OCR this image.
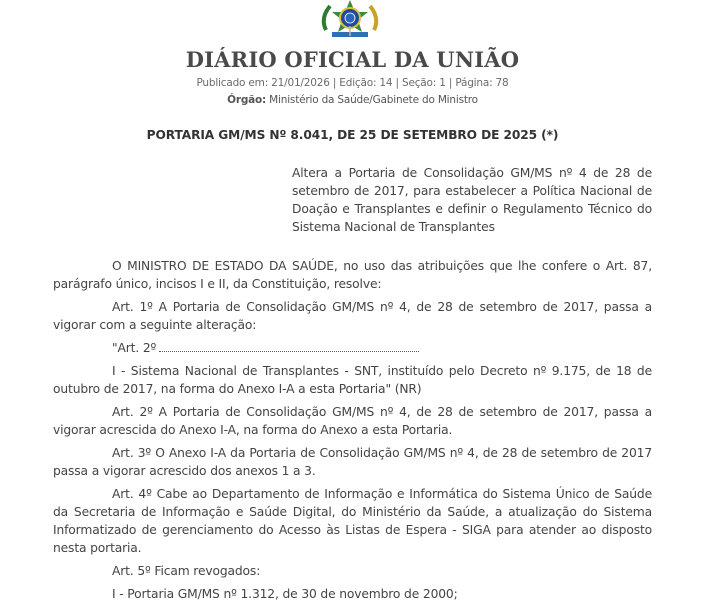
DIÁRIO OFICIAL DA UNIÃO
Publicado em: 21/01/2026 | Edição: 14 | Seção: 1 | Página: 78
Órgão: Ministério da Saúde/Gabinete do Ministro
PORTARIA GM/MS Nº 8.041, DE 25 DE SETEMBRO DE 2025 (*)
Altera a Portaria de Consolidação GM/MS nº 4 de 28 de setembro de 2017, para estabelecer a Política Nacional de Doação e Transplantes e definir o Regulamento Técnico do Sistema Nacional de Transplantes

O MINISTRO DE ESTADO DA SAÚDE, no uso das atribuições que lhe confere o Art. 87, parágrafo único, incisos I e II, da Constituição, resolve:

Art. 1º A Portaria de Consolidação GM/MS nº 4, de 28 de setembro de 2017, passa a vigorar com a seguinte alteração:

"Art. 2º

I - Sistema Nacional de Transplantes - SNT, instituído pelo Decreto nº 9.175, de 18 de outubro de 2017, na forma do Anexo I-A a esta Portaria" (NR)

Art. 2º A Portaria de Consolidação GM/MS nº 4, de 28 de setembro de 2017, passa a vigorar acrescida do Anexo I-A, na forma do Anexo a esta Portaria.

Art. 3º O Anexo I-A da Portaria de Consolidação GM/MS nº 4, de 28 de setembro de 2017 passa a vigorar acrescido dos anexos 1 a 3.

Art. 4º Cabe ao Departamento de Informação e Informática do Sistema Único de Saúde da Secretaria de Informação e Saúde Digital, do Ministério da Saúde, a atualização do Sistema Informatizado de gerenciamento do Acesso às Listas de Espera - SIGA para atender ao disposto nesta portaria.

Art. 5º Ficam revogados:

I - Portaria GM/MS nº 1.312, de 30 de novembro de 2000;
